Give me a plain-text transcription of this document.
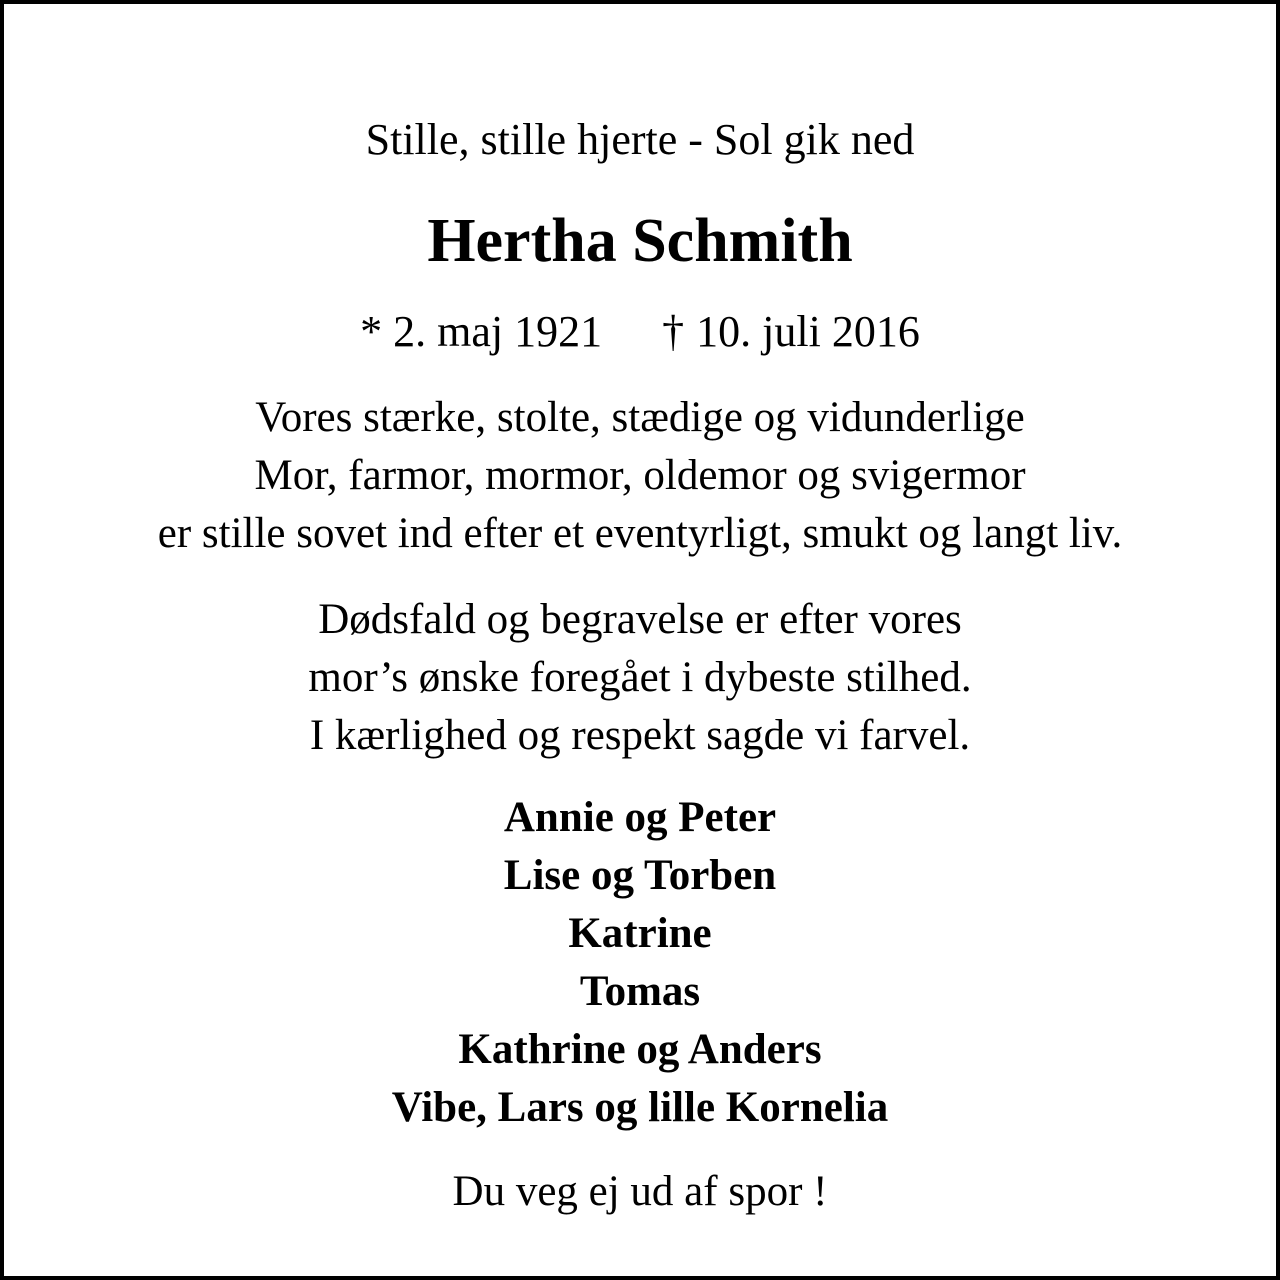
Stille, stille hjerte - Sol gik ned
Hertha Schmith
* 2. maj 1921 † 10. juli 2016
Vores stærke, stolte, stædige og vidunderlige
Mor, farmor, mormor, oldemor og svigermor
er stille sovet ind efter et eventyrligt, smukt og langt liv.
Dødsfald og begravelse er efter vores
mor’s ønske foregået i dybeste stilhed.
I kærlighed og respekt sagde vi farvel.
Annie og Peter
Lise og Torben
Katrine
Tomas
Kathrine og Anders
Vibe, Lars og lille Kornelia
Du veg ej ud af spor !
